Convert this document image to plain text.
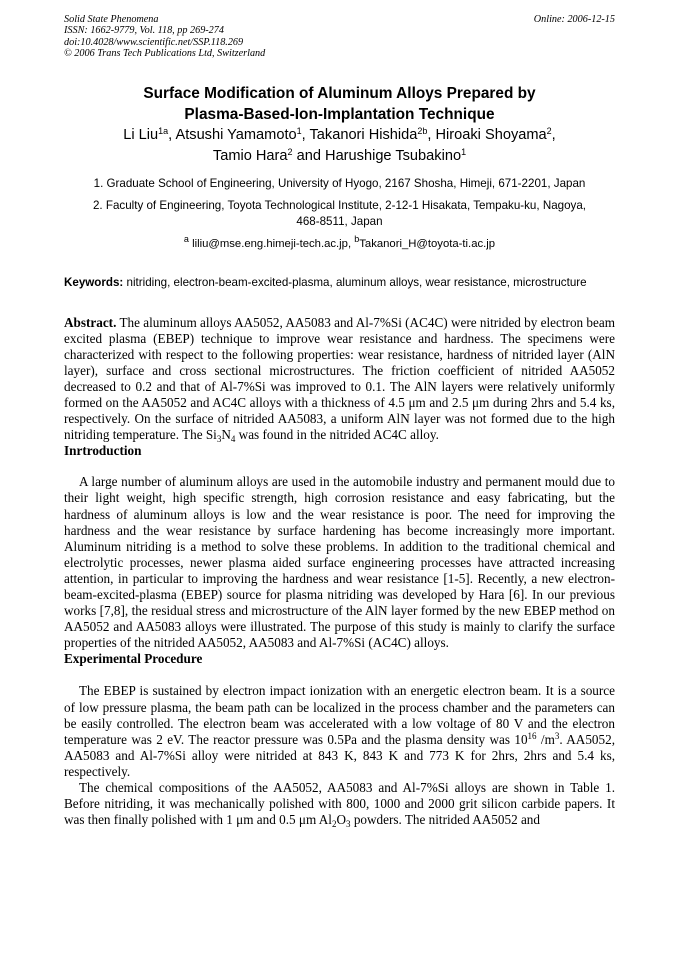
Solid State Phenomena
ISSN: 1662-9779, Vol. 118, pp 269-274
doi:10.4028/www.scientific.net/SSP.118.269
© 2006 Trans Tech Publications Ltd, Switzerland
Online: 2006-12-15
Surface Modification of Aluminum Alloys Prepared by
Plasma-Based-Ion-Implantation Technique
Li Liu$^{1a}$, Atsushi Yamamoto$^1$, Takanori Hishida$^{2b}$, Hiroaki Shoyama$^2$,
Tamio Hara$^2$ and Harushige Tsubakino$^1$
1. Graduate School of Engineering, University of Hyogo, 2167 Shosha, Himeji, 671-2201, Japan
2. Faculty of Engineering, Toyota Technological Institute, 2-12-1 Hisakata, Tempaku-ku, Nagoya,
468-8511, Japan
$^a$ liliu@mse.eng.himeji-tech.ac.jp, $^b$Takanori_H@toyota-ti.ac.jp
Keywords: nitriding, electron-beam-excited-plasma, aluminum alloys, wear resistance, microstructure
Abstract. The aluminum alloys AA5052, AA5083 and Al-7%Si (AC4C) were nitrided by electron beam excited plasma (EBEP) technique to improve wear resistance and hardness. The specimens were characterized with respect to the following properties: wear resistance, hardness of nitrided layer (AlN layer), surface and cross sectional microstructures. The friction coefficient of nitrided AA5052 decreased to 0.2 and that of Al-7%Si was improved to 0.1. The AlN layers were relatively uniformly formed on the AA5052 and AC4C alloys with a thickness of 4.5 μm and 2.5 μm during 2hrs and 5.4 ks, respectively. On the surface of nitrided AA5083, a uniform AlN layer was not formed due to the high nitriding temperature. The $Si_3N_4$ was found in the nitrided AC4C alloy.
Inrtroduction

A large number of aluminum alloys are used in the automobile industry and permanent mould due to their light weight, high specific strength, high corrosion resistance and easy fabricating, but the hardness of aluminum alloys is low and the wear resistance is poor. The need for improving the hardness and the wear resistance by surface hardening has become increasingly more important. Aluminum nitriding is a method to solve these problems. In addition to the traditional chemical and electrolytic processes, newer plasma aided surface engineering processes have attracted increasing attention, in particular to improving the hardness and wear resistance [1-5]. Recently, a new electron-beam-excited-plasma (EBEP) source for plasma nitriding was developed by Hara [6]. In our previous works [7,8], the residual stress and microstructure of the AlN layer formed by the new EBEP method on AA5052 and AA5083 alloys were illustrated. The purpose of this study is mainly to clarify the surface properties of the nitrided AA5052, AA5083 and Al-7%Si (AC4C) alloys.

Experimental Procedure

The EBEP is sustained by electron impact ionization with an energetic electron beam. It is a source of low pressure plasma, the beam path can be localized in the process chamber and the parameters can be easily controlled. The electron beam was accelerated with a low voltage of 80 V and the electron temperature was 2 eV. The reactor pressure was 0.5Pa and the plasma density was $10^{16}$ $/m^3$. AA5052, AA5083 and Al-7%Si alloy were nitrided at 843 K, 843 K and 773 K for 2hrs, 2hrs and 5.4 ks, respectively.

The chemical compositions of the AA5052, AA5083 and Al-7%Si alloys are shown in Table 1. Before nitriding, it was mechanically polished with 800, 1000 and 2000 grit silicon carbide papers. It was then finally polished with 1 μm and 0.5 μm $Al_2O_3$ powders. The nitrided AA5052 and
